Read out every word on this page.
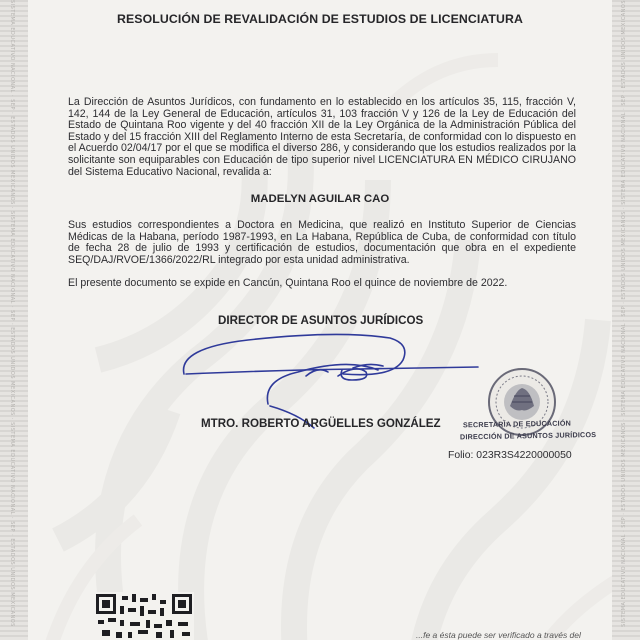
SISTEMA EDUCATIVO NACIONAL · SEP · ESTADOS UNIDOS MEXICANOS · SISTEMA EDUCATIVO NACIONAL · SEP · ESTADOS UNIDOS MEXICANOS · SISTEMA EDUCATIVO NACIONAL · SEP · ESTADOS UNIDOS MEXICANOS	SISTEMA EDUCATIVO NACIONAL · SEP · ESTADOS UNIDOS MEXICANOS · SISTEMA EDUCATIVO NACIONAL · SEP · ESTADOS UNIDOS MEXICANOS · SISTEMA EDUCATIVO NACIONAL · SEP · ESTADOS UNIDOS MEXICANOS
RESOLUCIÓN DE REVALIDACIÓN DE ESTUDIOS DE LICENCIATURA
La Dirección de Asuntos Jurídicos, con fundamento en lo establecido en los artículos 35, 115, fracción V, 142, 144 de la Ley General de Educación, artículos 31, 103 fracción V y 126 de la Ley de Educación del Estado de Quintana Roo vigente y del 40 fracción XII de la Ley Orgánica de la Administración Pública del Estado y del 15 fracción XIII del Reglamento Interno de esta Secretaría, de conformidad con lo dispuesto en el Acuerdo 02/04/17 por el que se modifica el diverso 286, y considerando que los estudios realizados por la solicitante son equiparables con Educación de tipo superior nivel LICENCIATURA EN MÉDICO CIRUJANO del Sistema Educativo Nacional, revalida a:
MADELYN AGUILAR CAO
Sus estudios correspondientes a Doctora en Medicina, que realizó en Instituto Superior de Ciencias Médicas de la Habana, período 1987-1993, en La Habana, República de Cuba, de conformidad con título de fecha 28 de julio de 1993 y certificación de estudios, documentación que obra en el expediente SEQ/DAJ/RVOE/1366/2022/RL integrado por esta unidad administrativa.
El presente documento se expide en Cancún, Quintana Roo el quince de noviembre de 2022.
DIRECTOR DE ASUNTOS JURÍDICOS
MTRO. ROBERTO ARGÜELLES GONZÁLEZ	SECRETARÍA DE EDUCACIÓN
DIRECCIÓN DE ASUNTOS JURÍDICOS
Folio: 023R3S4220000050
...fe a ésta puede ser verificado a través del
